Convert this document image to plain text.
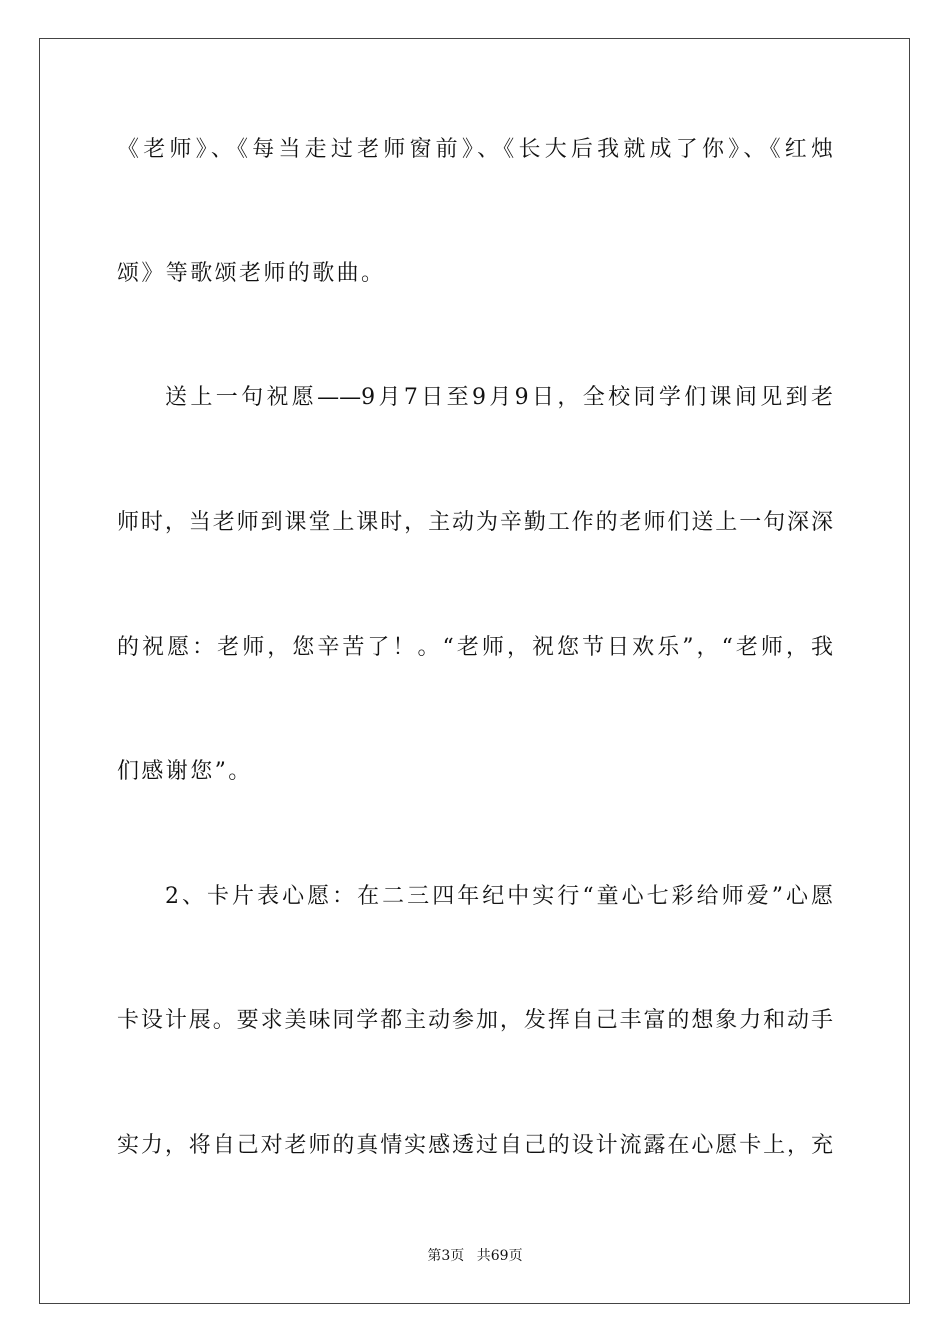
《老师》、《每当走过老师窗前》、《长大后我就成了你》、《红烛
颂》等歌颂老师的歌曲。
送上一句祝愿——9月7日至9月9日，全校同学们课间见到老
师时，当老师到课堂上课时，主动为辛勤工作的老师们送上一句深深
的祝愿：老师，您辛苦了！。“老师，祝您节日欢乐”，“老师，我
们感谢您”。
2、卡片表心愿：在二三四年纪中实行“童心七彩给师爱”心愿
卡设计展。要求美味同学都主动参加，发挥自己丰富的想象力和动手
实力，将自己对老师的真情实感透过自己的设计流露在心愿卡上，充
第3页 共69页
